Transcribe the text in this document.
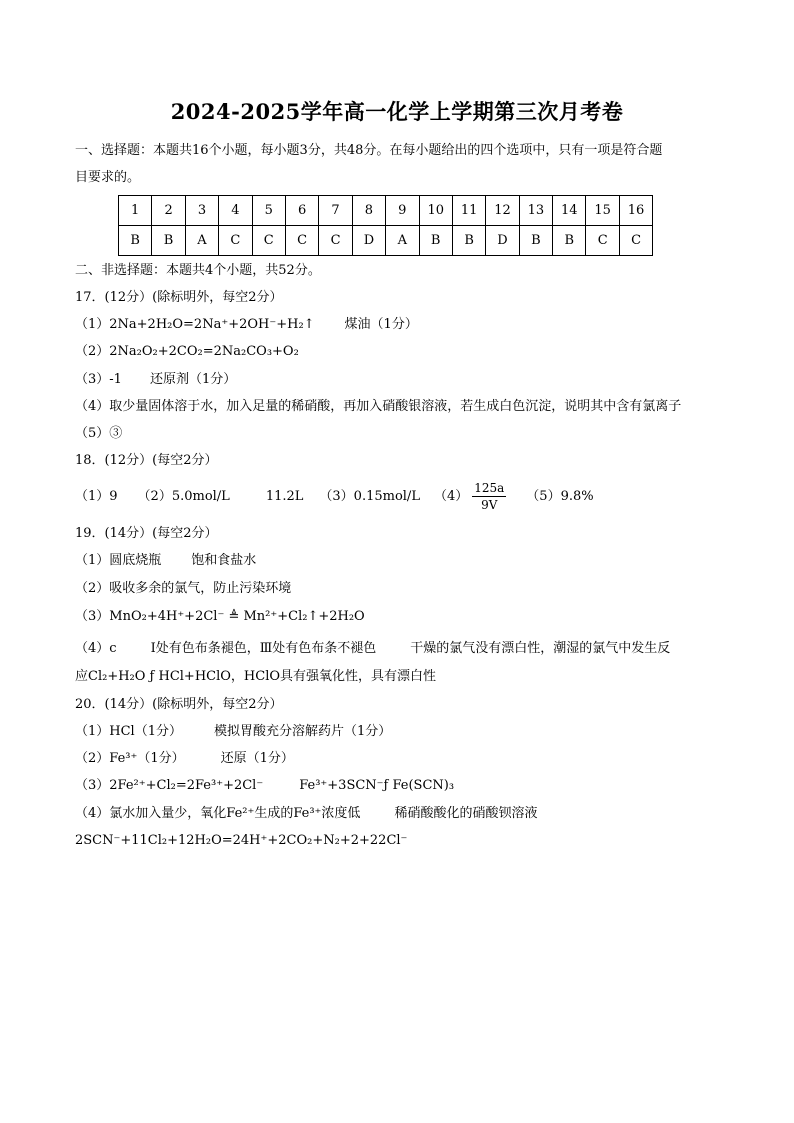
2024-2025学年高一化学上学期第三次月考卷
一、选择题：本题共16个小题，每小题3分，共48分。在每小题给出的四个选项中，只有一项是符合题
目要求的。
1	2	3	4	5	6	7	8	9	10	11	12	13	14	15	16
B	B	A	C	C	C	C	D	A	B	B	D	B	B	C	C
二、非选择题：本题共4个小题，共52分。
17．(12分）(除标明外，每空2分）
（1）2Na+2H₂O=2Na⁺+2OH⁻+H₂↑ 煤油（1分）
（2）2Na₂O₂+2CO₂=2Na₂CO₃+O₂
（3）-1 还原剂（1分）
（4）取少量固体溶于水，加入足量的稀硝酸，再加入硝酸银溶液，若生成白色沉淀，说明其中含有氯离子
（5）③
18．(12分）(每空2分）
（1）9 （2）5.0mol/L	11.2L （3）0.15mol/L $(4) \frac{125a}{9V} (5)9.8\%$
19．(14分）(每空2分）
（1）圆底烧瓶 饱和食盐水
（2）吸收多余的氯气，防止污染环境
（3）MnO₂+4H⁺+2Cl⁻ ≜ Mn²⁺+Cl₂↑+2H₂O
（4）c	Ⅰ处有色布条褪色，Ⅲ处有色布条不褪色	干燥的氯气没有漂白性，潮湿的氯气中发生反
应Cl₂+H₂O ƒ HCl+HClO，HClO具有强氧化性，具有漂白性
20．(14分）(除标明外，每空2分）
（1）HCl（1分） 模拟胃酸充分溶解药片（1分）
（2）Fe³⁺（1分）	还原（1分）
（3）2Fe²⁺+Cl₂=2Fe³⁺+2Cl⁻	Fe³⁺+3SCN⁻ƒ Fe(SCN)₃
（4）氯水加入量少，氧化Fe²⁺生成的Fe³⁺浓度低	稀硝酸酸化的硝酸钡溶液
2SCN⁻+11Cl₂+12H₂O=24H⁺+2CO₂+N₂+2+22Cl⁻
